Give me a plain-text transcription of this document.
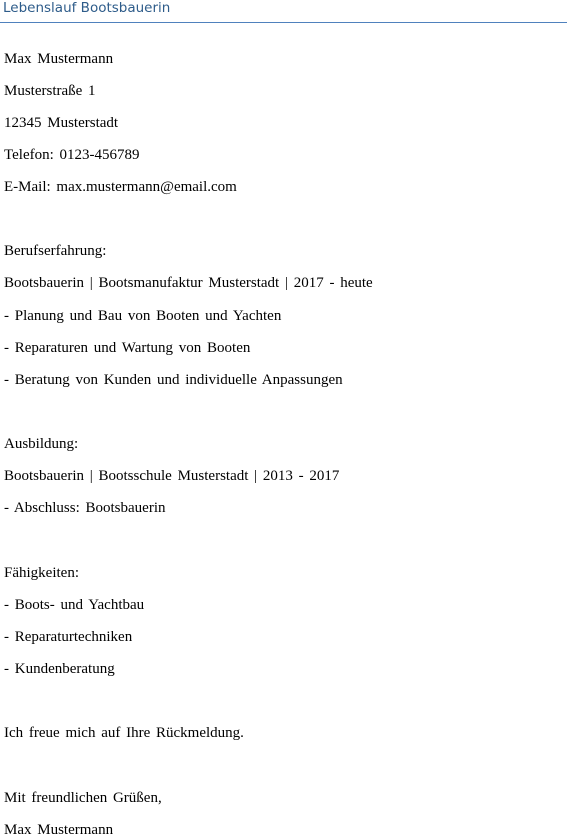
Lebenslauf Bootsbauerin
Max Mustermann
Musterstraße 1
12345 Musterstadt
Telefon: 0123-456789
E-Mail: max.mustermann@email.com
Berufserfahrung:
Bootsbauerin | Bootsmanufaktur Musterstadt | 2017 - heute
- Planung und Bau von Booten und Yachten
- Reparaturen und Wartung von Booten
- Beratung von Kunden und individuelle Anpassungen
Ausbildung:
Bootsbauerin | Bootsschule Musterstadt | 2013 - 2017
- Abschluss: Bootsbauerin
Fähigkeiten:
- Boots- und Yachtbau
- Reparaturtechniken
- Kundenberatung
Ich freue mich auf Ihre Rückmeldung.
Mit freundlichen Grüßen,
Max Mustermann
